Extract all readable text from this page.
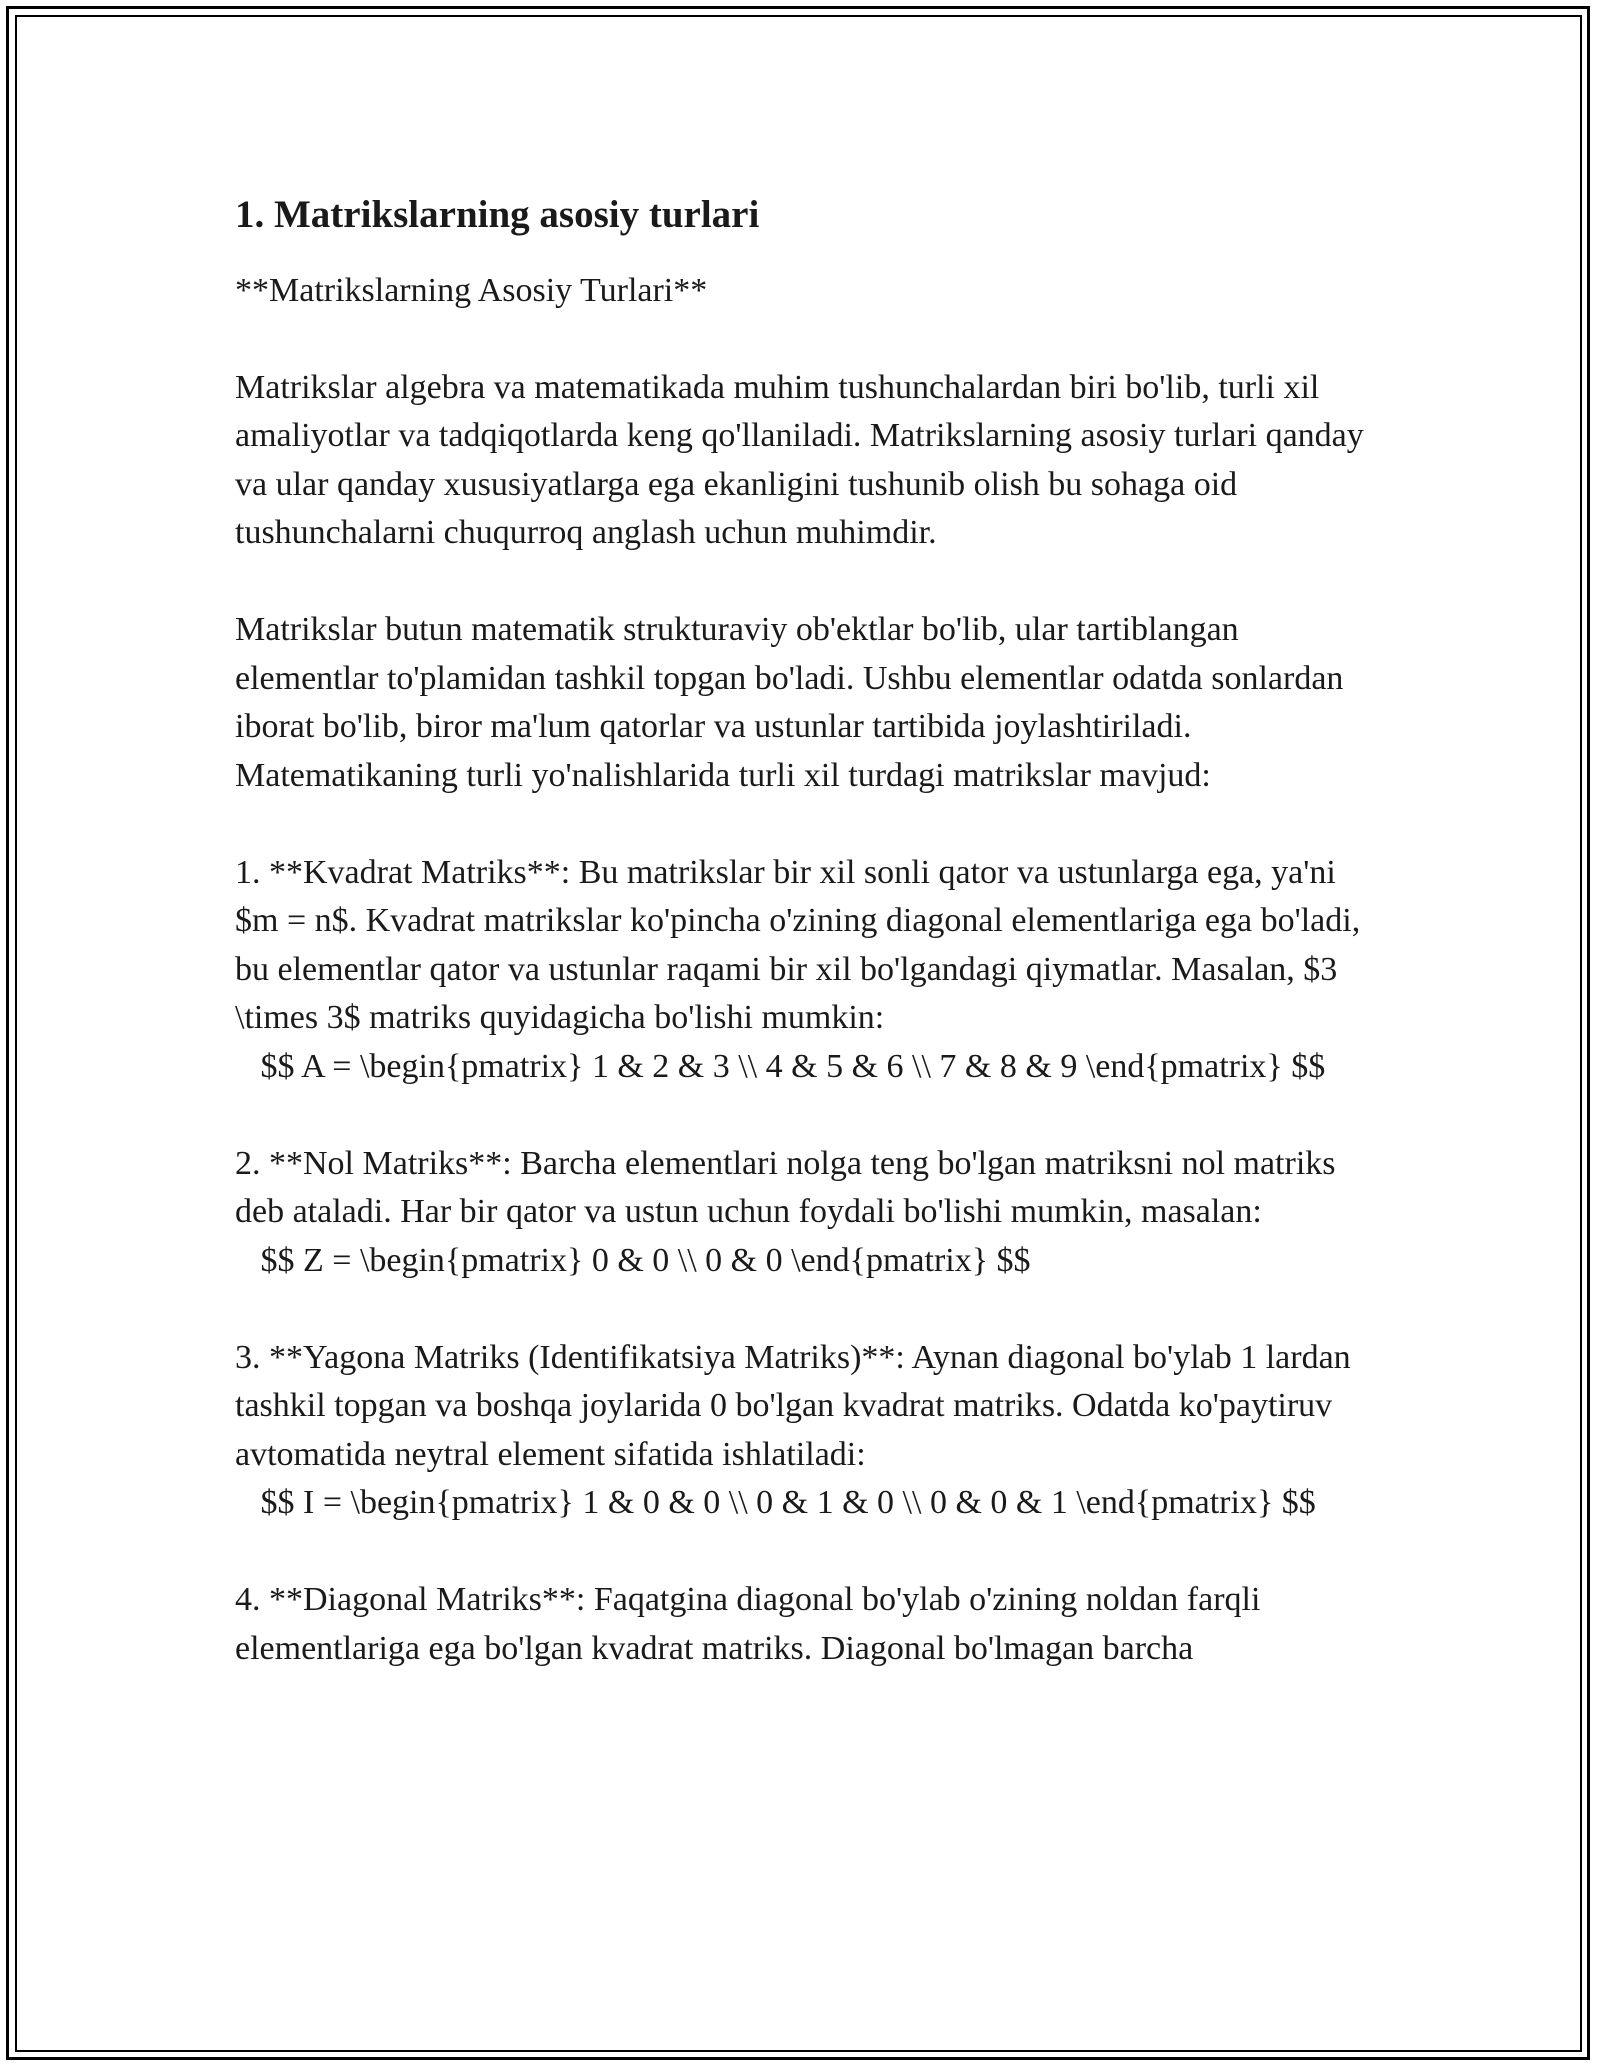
1. Matrikslarning asosiy turlari

**Matrikslarning Asosiy Turlari**

Matrikslar algebra va matematikada muhim tushunchalardan biri bo'lib, turli xil amaliyotlar va tadqiqotlarda keng qo'llaniladi. Matrikslarning asosiy turlari qanday va ular qanday xususiyatlarga ega ekanligini tushunib olish bu sohaga oid tushunchalarni chuqurroq anglash uchun muhimdir.

Matrikslar butun matematik strukturaviy ob'ektlar bo'lib, ular tartiblangan elementlar to'plamidan tashkil topgan bo'ladi. Ushbu elementlar odatda sonlardan iborat bo'lib, biror ma'lum qatorlar va ustunlar tartibida joylashtiriladi. Matematikaning turli yo'nalishlarida turli xil turdagi matrikslar mavjud:

1. **Kvadrat Matriks**: Bu matrikslar bir xil sonli qator va ustunlarga ega, ya'ni $m = n$. Kvadrat matrikslar ko'pincha o'zining diagonal elementlariga ega bo'ladi, bu elementlar qator va ustunlar raqami bir xil bo'lgandagi qiymatlar. Masalan, $3 \times 3$ matriks quyidagicha bo'lishi mumkin:
$$ A = \begin{pmatrix} 1 & 2 & 3 \\ 4 & 5 & 6 \\ 7 & 8 & 9 \end{pmatrix} $$

2. **Nol Matriks**: Barcha elementlari nolga teng bo'lgan matriksni nol matriks deb ataladi. Har bir qator va ustun uchun foydali bo'lishi mumkin, masalan:
$$ Z = \begin{pmatrix} 0 & 0 \\ 0 & 0 \end{pmatrix} $$

3. **Yagona Matriks (Identifikatsiya Matriks)**: Aynan diagonal bo'ylab 1 lardan tashkil topgan va boshqa joylarida 0 bo'lgan kvadrat matriks. Odatda ko'paytiruv avtomatida neytral element sifatida ishlatiladi:
$$ I = \begin{pmatrix} 1 & 0 & 0 \\ 0 & 1 & 0 \\ 0 & 0 & 1 \end{pmatrix} $$

4. **Diagonal Matriks**: Faqatgina diagonal bo'ylab o'zining noldan farqli elementlariga ega bo'lgan kvadrat matriks. Diagonal bo'lmagan barcha
